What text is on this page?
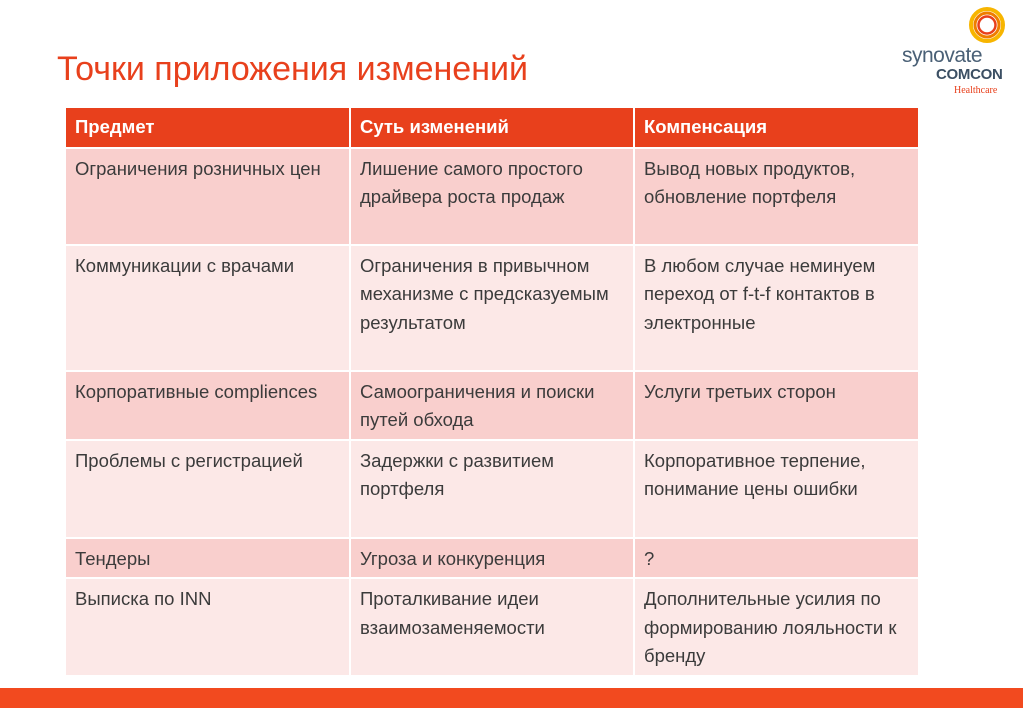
Точки приложения изменений	synovate
COMCON
Healthcare
Предмет	Суть изменений	Компенсация
Ограничения розничных цен	Лишение самого простого драйвера роста продаж	Вывод новых продуктов, обновление портфеля
Коммуникации с врачами	Ограничения в привычном механизме с предсказуемым результатом	В любом случае неминуем переход от f-t-f контактов в электронные
Корпоративные compliences	Самоограничения и поиски путей обхода	Услуги третьих сторон
Проблемы с регистрацией	Задержки с развитием портфеля	Корпоративное терпение, понимание цены ошибки
Тендеры	Угроза и конкуренция	?
Выписка по INN	Проталкивание идеи взаимозаменяемости	Дополнительные усилия по формированию лояльности к бренду
